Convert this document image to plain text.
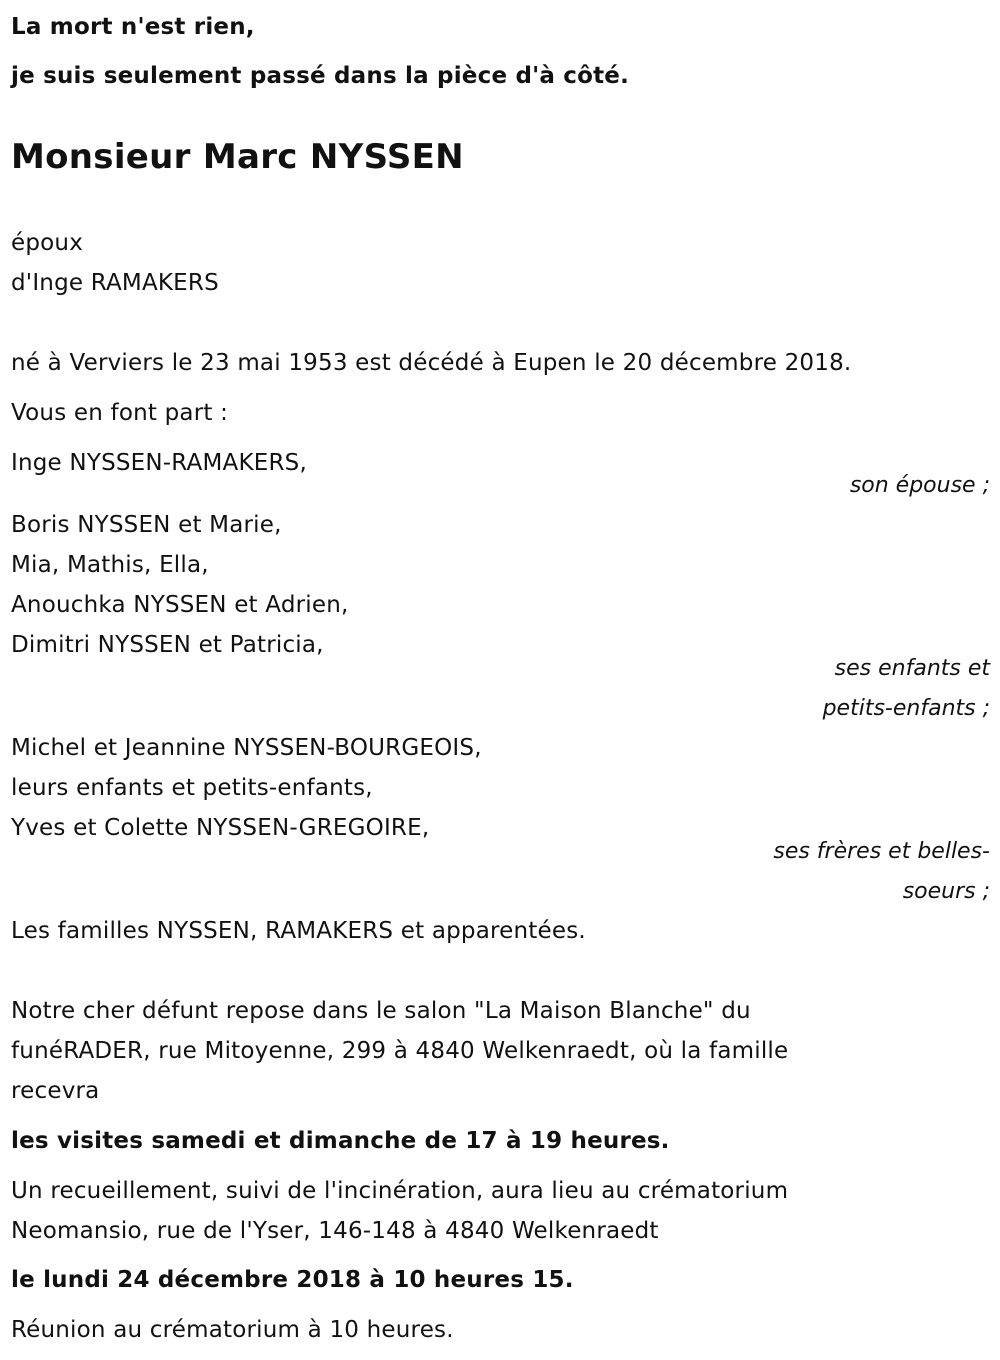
La mort n'est rien,
je suis seulement passé dans la pièce d'à côté.
Monsieur Marc NYSSEN
époux
d'Inge RAMAKERS
né à Verviers le 23 mai 1953 est décédé à Eupen le 20 décembre 2018.
Vous en font part :
Inge NYSSEN-RAMAKERS,
son épouse ;
Boris NYSSEN et Marie,
Mia, Mathis, Ella,
Anouchka NYSSEN et Adrien,
Dimitri NYSSEN et Patricia,
ses enfants et
petits-enfants ;
Michel et Jeannine NYSSEN-BOURGEOIS,
leurs enfants et petits-enfants,
Yves et Colette NYSSEN-GREGOIRE,
ses frères et belles-
soeurs ;
Les familles NYSSEN, RAMAKERS et apparentées.
Notre cher défunt repose dans le salon "La Maison Blanche" du
funéRADER, rue Mitoyenne, 299 à 4840 Welkenraedt, où la famille
recevra
les visites samedi et dimanche de 17 à 19 heures.
Un recueillement, suivi de l'incinération, aura lieu au crématorium
Neomansio, rue de l'Yser, 146-148 à 4840 Welkenraedt
le lundi 24 décembre 2018 à 10 heures 15.
Réunion au crématorium à 10 heures.
